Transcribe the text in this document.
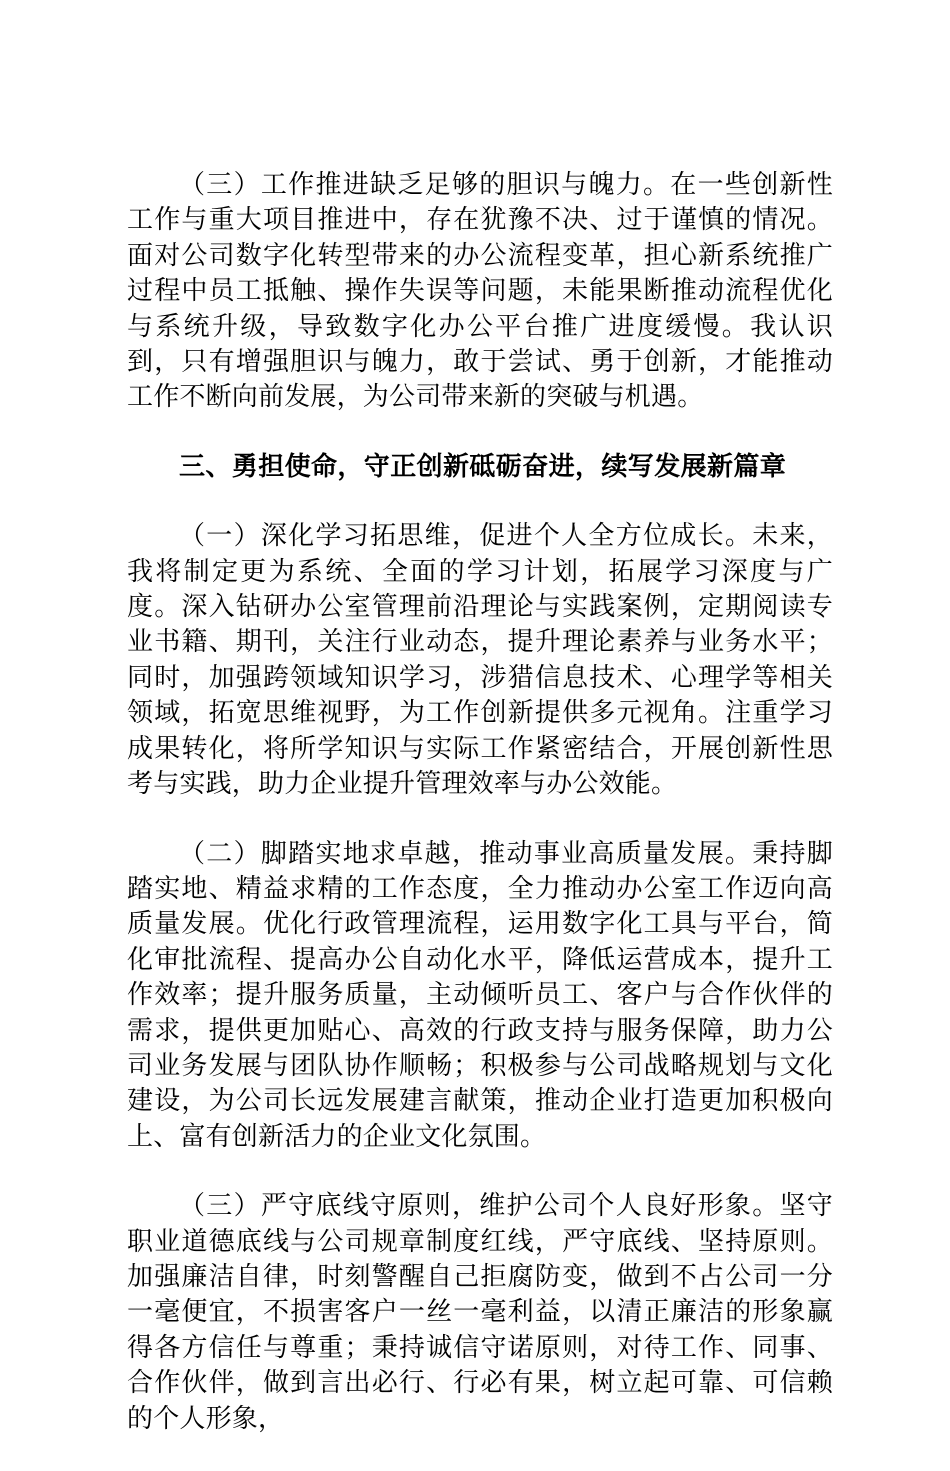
（三）工作推进缺乏足够的胆识与魄力。在一些创新性工作与重大项目推进中，存在犹豫不决、过于谨慎的情况。面对公司数字化转型带来的办公流程变革，担心新系统推广过程中员工抵触、操作失误等问题，未能果断推动流程优化与系统升级，导致数字化办公平台推广进度缓慢。我认识到，只有增强胆识与魄力，敢于尝试、勇于创新，才能推动工作不断向前发展，为公司带来新的突破与机遇。

三、勇担使命，守正创新砥砺奋进，续写发展新篇章

（一）深化学习拓思维，促进个人全方位成长。未来，我将制定更为系统、全面的学习计划，拓展学习深度与广度。深入钻研办公室管理前沿理论与实践案例，定期阅读专业书籍、期刊，关注行业动态，提升理论素养与业务水平；同时，加强跨领域知识学习，涉猎信息技术、心理学等相关领域，拓宽思维视野，为工作创新提供多元视角。注重学习成果转化，将所学知识与实际工作紧密结合，开展创新性思考与实践，助力企业提升管理效率与办公效能。

（二）脚踏实地求卓越，推动事业高质量发展。秉持脚踏实地、精益求精的工作态度，全力推动办公室工作迈向高质量发展。优化行政管理流程，运用数字化工具与平台，简化审批流程、提高办公自动化水平，降低运营成本，提升工作效率；提升服务质量，主动倾听员工、客户与合作伙伴的需求，提供更加贴心、高效的行政支持与服务保障，助力公司业务发展与团队协作顺畅；积极参与公司战略规划与文化建设，为公司长远发展建言献策，推动企业打造更加积极向上、富有创新活力的企业文化氛围。

（三）严守底线守原则，维护公司个人良好形象。坚守职业道德底线与公司规章制度红线，严守底线、坚持原则。加强廉洁自律，时刻警醒自己拒腐防变，做到不占公司一分一毫便宜，不损害客户一丝一毫利益，以清正廉洁的形象赢得各方信任与尊重；秉持诚信守诺原则，对待工作、同事、合作伙伴，做到言出必行、行必有果，树立起可靠、可信赖的个人形象，
